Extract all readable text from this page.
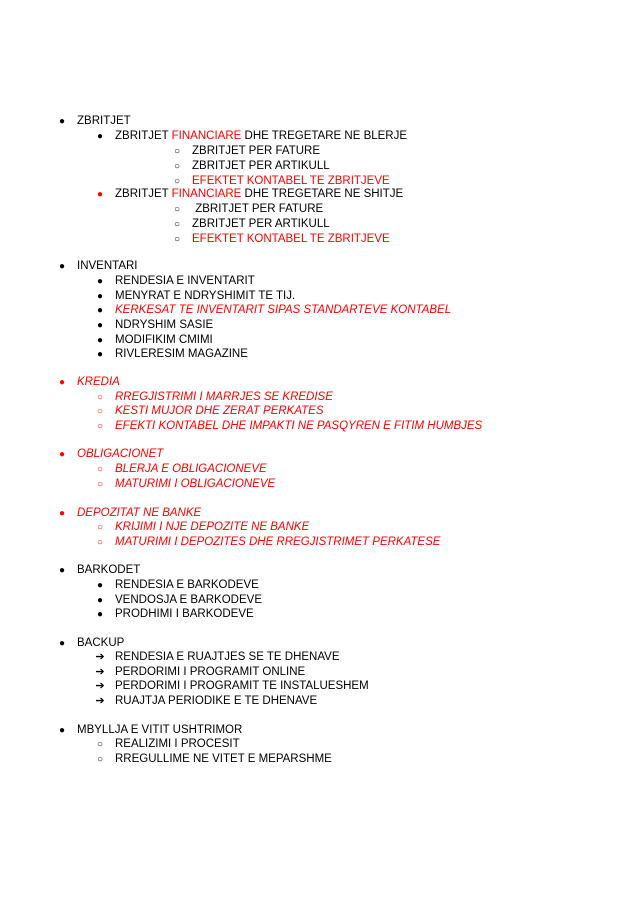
●	ZBRITJET
●	ZBRITJET FINANCIARE DHE TREGETARE NE BLERJE
○	ZBRITJET PER FATURE
○	ZBRITJET PER ARTIKULL
○	EFEKTET KONTABEL TE ZBRITJEVE
●	ZBRITJET FINANCIARE DHE TREGETARE NE SHITJE
○	ZBRITJET PER FATURE
○	ZBRITJET PER ARTIKULL
○	EFEKTET KONTABEL TE ZBRITJEVE
●	INVENTARI
●	RENDESIA E INVENTARIT
●	MENYRAT E NDRYSHIMIT TE TIJ.
●	KERKESAT TE INVENTARIT SIPAS STANDARTEVE KONTABEL
●	NDRYSHIM SASIE
●	MODIFIKIM CMIMI
●	RIVLERESIM MAGAZINE
●	KREDIA
○	RREGJISTRIMI I MARRJES SE KREDISE
○	KESTI MUJOR DHE ZERAT PERKATES
○	EFEKTI KONTABEL DHE IMPAKTI NE PASQYREN E FITIM HUMBJES
●	OBLIGACIONET
○	BLERJA E OBLIGACIONEVE
○	MATURIMI I OBLIGACIONEVE
●	DEPOZITAT NE BANKE
○	KRIJIMI I NJE DEPOZITE NE BANKE
○	MATURIMI I DEPOZITES DHE RREGJISTRIMET PERKATESE
●	BARKODET
●	RENDESIA E BARKODEVE
●	VENDOSJA E BARKODEVE
●	PRODHIMI I BARKODEVE
●	BACKUP
➔ RENDESIA E RUAJTJES SE TE DHENAVE
➔ PERDORIMI I PROGRAMIT ONLINE
➔ PERDORIMI I PROGRAMIT TE INSTALUESHEM
➔ RUAJTJA PERIODIKE E TE DHENAVE
●	MBYLLJA E VITIT USHTRIMOR
○	REALIZIMI I PROCESIT
○	RREGULLIME NE VITET E MEPARSHME
